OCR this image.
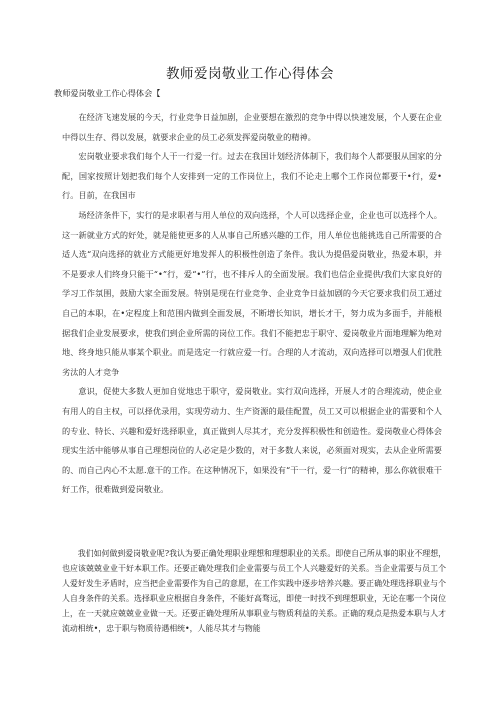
教师爱岗敬业工作心得体会
教师爱岗敬业工作心得体会【

在经济飞速发展的今天，行业竞争日益加剧，企业要想在激烈的竞争中得以快速发展，个人要在企业中得以生存、得以发展，就要求企业的员工必须发挥爱岗敬业的精神。

宏岗敬业要求我们每个人干一行爱一行。过去在我国计划经济体制下，我们每个人都要服从国家的分配，国家按照计划把我们每个人安排到一定的工作岗位上，我们不论走上哪个工作岗位都要干•行，爱•行。目前，在我国市

场经济条件下，实行的是求职者与用人单位的双向选择，个人可以选择企业，企业也可以选择个人。这一新就业方式的好处，就是能使更多的人从事自己所感兴趣的工作，用人单位也能挑选自己所需要的合适人选“双向选择的就业方式能更好地发挥人的积极性创造了条件。我认为提倡爱岗敬业，热爱本职，并不是要求人们终身只能干“•”行，爱“•”行，也不排斥人的全面发展。我们也信企业提供/我们大家良好的学习工作氛围，鼓励大家全面发展。特别是现在行业竞争、企业竞争日益加剧的今天它要求我们员工通过自己的本职，在•定程度上和范围内做到全面发展，不断增长知识，增长才干，努力成为多面手，并能根据我们企业发展要求，使我们到企业所需的岗位工作。我们不能把忠于职守、爱岗敬业片面地理解为绝对地、终身地只能从事某个职业。而是选定一行就应爱一行。合理的人才流动，双向选择可以增强人们优胜劣汰的人才竞争

意识，促使大多数人更加自觉地忠于职守，爱岗敬业。实行双向选择，开展人才的合理流动，使企业有用人的自主权，可以择优录用，实现劳动力、生产资源的最佳配置，员工又可以根据企业的需要和个人的专业、特长、兴趣和爱好选择职业，真正做到人尽其才，充分发挥积极性和创造性。爱岗敬业心得体会现实生活中能够从事自己理想岗位的人必定是少数的，对于多数人来说，必须面对现实，去从企业所需要的、而自己内心不太愿.意干的工作。在这种情况下，如果没有“干一行，爱一行”的精神，那么你就很难干好工作，很难做到爱岗敬业。

我们如何做到爱岗敬业呢?我认为要正确处理职业理想和理想职业的关系。即使自己所从事的职业不理想，也应该兢兢业业干好本职工作。还要正确处理我们企业需要与员工个人兴趣爱好的关系。当企业需要与员工个人爱好发生矛盾时，应当把企业需要作为自己的意愿，在工作实践中逐步培养兴趣。要正确处理选择职业与个人自身条件的关系。选择职业应根据自身条件，不能好高骛远，即使一时找不到理想职业，无论在哪一个岗位上，在一天就应兢兢业业做一天。还要正确处理所从事职业与物质利益的关系。正确的观点是热爱本职与人才流动相统•，忠于职与物质待遇相统•，人能尽其才与物能
